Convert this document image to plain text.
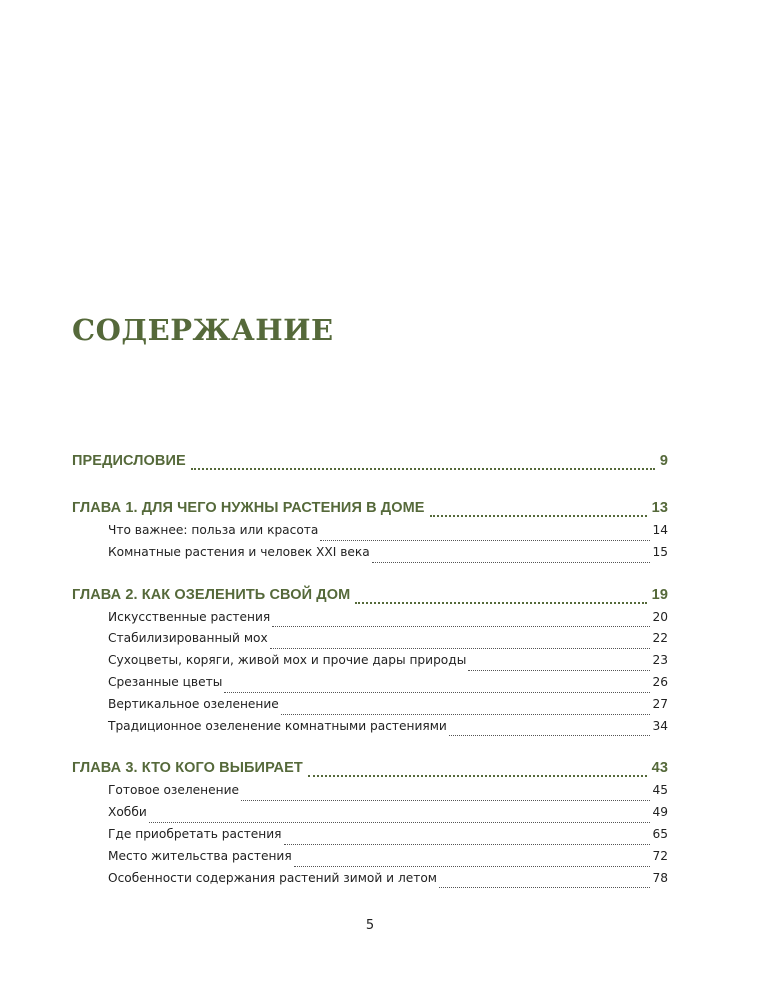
СОДЕРЖАНИЕ
ПРЕДИСЛОВИЕ	9
ГЛАВА 1. ДЛЯ ЧЕГО НУЖНЫ РАСТЕНИЯ В ДОМЕ	13
Что важнее: польза или красота	14
Комнатные растения и человек XXI века	15
ГЛАВА 2. КАК ОЗЕЛЕНИТЬ СВОЙ ДОМ	19
Искусственные растения	20
Стабилизированный мох	22
Сухоцветы, коряги, живой мох и прочие дары природы	23
Срезанные цветы	26
Вертикальное озеленение	27
Традиционное озеленение комнатными растениями	34
ГЛАВА 3. КТО КОГО ВЫБИРАЕТ	43
Готовое озеленение	45
Хобби	49
Где приобретать растения	65
Место жительства растения	72
Особенности содержания растений зимой и летом	78
5
